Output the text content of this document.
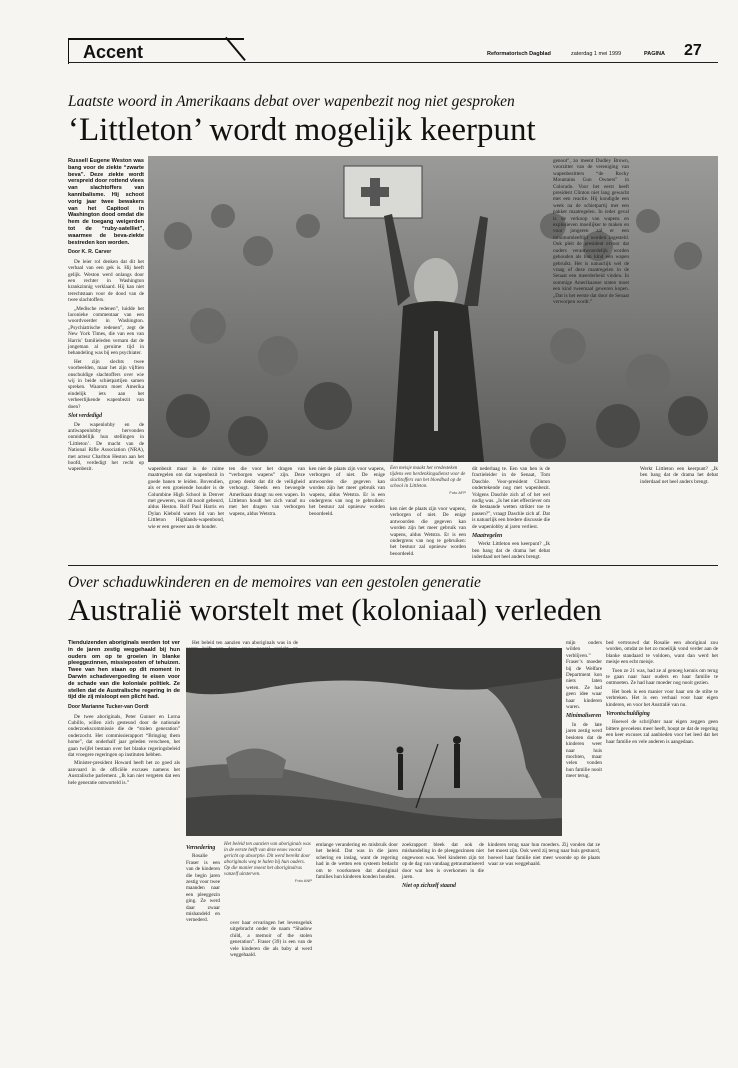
Accent	Reformatorisch Dagblad	zaterdag 1 mei 1999	PAGINA 27
Laatste woord in Amerikaans debat over wapenbezit nog niet gesproken
‘Littleton’ wordt mogelijk keerpunt
Russell Eugene Weston was bang voor de ziekte “zwarte beva”. Deze ziekte wordt verspreid door rottend vlees van slachtoffers van kannibalisme. Hij schoot vorig jaar twee bewakers van het Capitool in Washington dood omdat die hem de toegang weigerden tot de “ruby-satelliet”, waarmee de beva-ziekte bestreden kon worden.
Door K. R. Carver

De leier rol denken dat dit het verhaal van een gek is. Hij heeft gelijk. Weston werd onlangs door een rechter in Washington krankzinnig verklaard. Hij kan niet terechtstaan voor de dood van de twee slachtoffers.

„Medische redenen”, luidde het laconieke commentaar van een woordvoerder in Washington. „Psychiatrische redenen”, zegt de New York Times, die van een van Harris’ familieleden vernam dat de jongeman al geruime tijd in behandeling was bij een psychiater.

Het zijn slechts twee voorbeelden, maar het zijn vijftien onschuldige slachtoffers over wie wij in beide schietpartijen samen spreken. Waarom moet Amerika eindelijk iets aan het verheerlijkende wapenbezit van doen?

Slot verdedigd

De wapenlobby en de antiwapenlobby hervonden onmiddellijk hun stellingen in ‘Littleton’. De macht van de National Rifle Association (NRA), met acteur Charlton Heston aan het hoofd, verdedigt het recht op wapenbezit.	wapenbezit maar in de ruime maatregelen om dat wapenbezit in goede banen te leiden. Bovendien, als er een groeiende houder is de Columbine High School in Denver met geweren, was dit nooit gebeurd, aldus Heston. Rolf Paul Harris en Dylan Klebold waren lid van het Littleton Highlands-wapenbond, wie er een geweer aan de houder.

ten die voor het dragen van “verborgen wapens” zijn. Deze groep denkt dat dit de veiligheid verhoogt. Steeds een bevoegde Amerikaan draagt nu een wapen. In Littleton houdt het zich vanaf nu met het dragen van verborgen wapens, aldus Wetstra.

ken niet de plaats zijn voor wapens, verborgen of niet. De enige antwoorden die gegeven kan worden zijn het meer gebruik van wapens, aldus Wetstra. Er is een ondergrens van nog te gebruiken: het bestuur zal opnieuw worden beoordeeld.

Een meisje maakt het vredesteken tijdens een herdenkingsdienst voor de slachtoffers van het bloedbad op de school in Littleton.
Foto AFP

ken niet de plaats zijn voor wapens, verborgen of niet. De enige antwoorden die gegeven kan worden zijn het meer gebruik van wapens, aldus Wetstra. Er is een ondergrens van nog te gebruiken: het bestuur zal opnieuw worden beoordeeld.

dit nederlaag te. Een van hen is de fractieleider in de Senaat, Tom Daschle. Voor-president Clinton ondertekende nog met wapenbezit. Volgens Daschle zich af of het wel nodig was. „Is het niet effectiever om de bestaande wetten strikter toe te passen?”, vraagt Daschle zich af. Dat is natuurlijk een bredere discussie die de wapenlobby al jaren verliest.

Maatregelen

Werkt Littleton een keerpunt? „Ik ben bang dat de drama het debat inderdaad net heel anders brengt.

genoot”, zo meent Dudley Brown, voorzitter van de vereniging van wapenbezitters “de Rocky Mountains Gun Owners” in Colorado. Voor het eerst heeft president Clinton niet lang gewacht met een reactie. Hij kondigde een week na de schietpartij met een pakket maatregelen. In ieder geval is de verkoop van wapens en explosieven moeilijker te maken en voor jongeren zal er een minimumleeftijd worden ingesteld. Ook pleit de president ervoor dat ouders verantwoordelijk worden gehouden als hun kind een wapen gebruikt. Het is natuurlijk wel de vraag of deze maatregelen in de Senaat een meerderheid vinden. In sommige Amerikaanse staten moet een kind tweemaal geweren kopen. „Dat is het eerste dat door de Senaat verworpen wordt.”

Werkt Littleton een keerpunt? „Ik ben bang dat de drama het debat inderdaad net heel anders brengt.

Over schaduwkinderen en de memoires van een gestolen generatie
Australië worstelt met (koloniaal) verleden
Tienduizenden aboriginals werden tot ver in de jaren zestig weggehaald bij hun ouders om op te groeien in blanke pleeggezinnen, missieposten of tehuizen. Twee van hen staan op dit moment in Darwin schadevergoeding te eisen voor de schade van die koloniale politiek. Ze stellen dat de Australische regering in de tijd die zij misloopt een plicht had.
Door Marianne Tucker-van Oordt

De twee aboriginals, Peter Gunner en Lorna Cubillo, willen zich gesteund door de nationale onderzoekscommissie die de “stolen generation” onderzocht. Het commissierapport “Bringing them home”, dat onderhalf jaar geleden verscheen, het gaan twijfel bestaan over het blanke regeringsbeleid dat vroegere regeringen op instituten hebben.

Minister-president Howard heeft het zo goed als aanvaard in de officiële excuses namens het Australische parlement. „Ik kan niet vergeten dat een hele generatie ontworteld is.”

Het beleid ten aanzien van aboriginals was in de	mijn ouders wilden verblijven.” Fraser’s moeder bij de Welfare Department kon niets laten weten. Ze had geen idee waar haar kinderen waren.

Minimaliseren

In de late jaren zestig werd besloten dat de kinderen weer naar huis mochten, maar velen vonden hun familie nooit meer terug.

bed vertrouwd dat Rosalie een aboriginal zou worden, omdat ze het zo moeilijk vond verder aan de blanke standaard te voldoen, want dan werd het meisje een echt meisje.

Toen ze 21 was, had ze al genoeg kennis om terug te gaan naar haar ouders en haar familie te ontmoeten. Ze had haar moeder nog nooit gezien.

Het boek is een manier voor haar om de stilte te verbreken. Het is een verhaal voor haar eigen kinderen, en voor het Australië van nu.

Verontschuldiging

Hoewel de schrijfster naar eigen zeggen geen bittere gevoelens meer heeft, hoopt ze dat de regering een keer excuses zal aanbieden voor het leed dat het haar familie en vele anderen is aangedaan.

Het beleid ten aanzien van aboriginals was in de eerste helft van deze eeuw vooral gericht op absorptie. Dit werd bereikt door aboriginals weg te halen bij hun ouders. Op die manier moest het aboriginalras vanzelf uitsterven.
Foto ANP
Vernedering

Rosalie Fraser is een van de kinderen die begin jaren zestig voor twee maanden naar een pleeggezin ging. Ze werd daar zwaar mishandeld en vernederd.	over haar ervaringen het levensgeluk uitgebracht onder de naam “Shadow child, a memoir of the stolen generation”. Fraser (39) is een van de vele kinderen die als baby al werd weggehaald.

emlange verandering en misbruik door het beleid. Dat was in die jaren schering en inslag, want de regering had in de wetten een systeem bedacht om te voorkomen dat aboriginal families hun kinderen konden houden.

zoekrapport bleek dat ook de mishandeling in de pleeggezinnen niet ongewoon was. Veel kinderen zijn tot op de dag van vandaag getraumatiseerd door wat hen is overkomen in die jaren.

Niet op zichzelf staand

kinderen terug naar hun moeders. Zij vonden dat ze het moest zijn. Ook werd zij terug naar huis gestuurd, hoewel haar familie niet meer woonde op de plaats waar ze was weggehaald.
